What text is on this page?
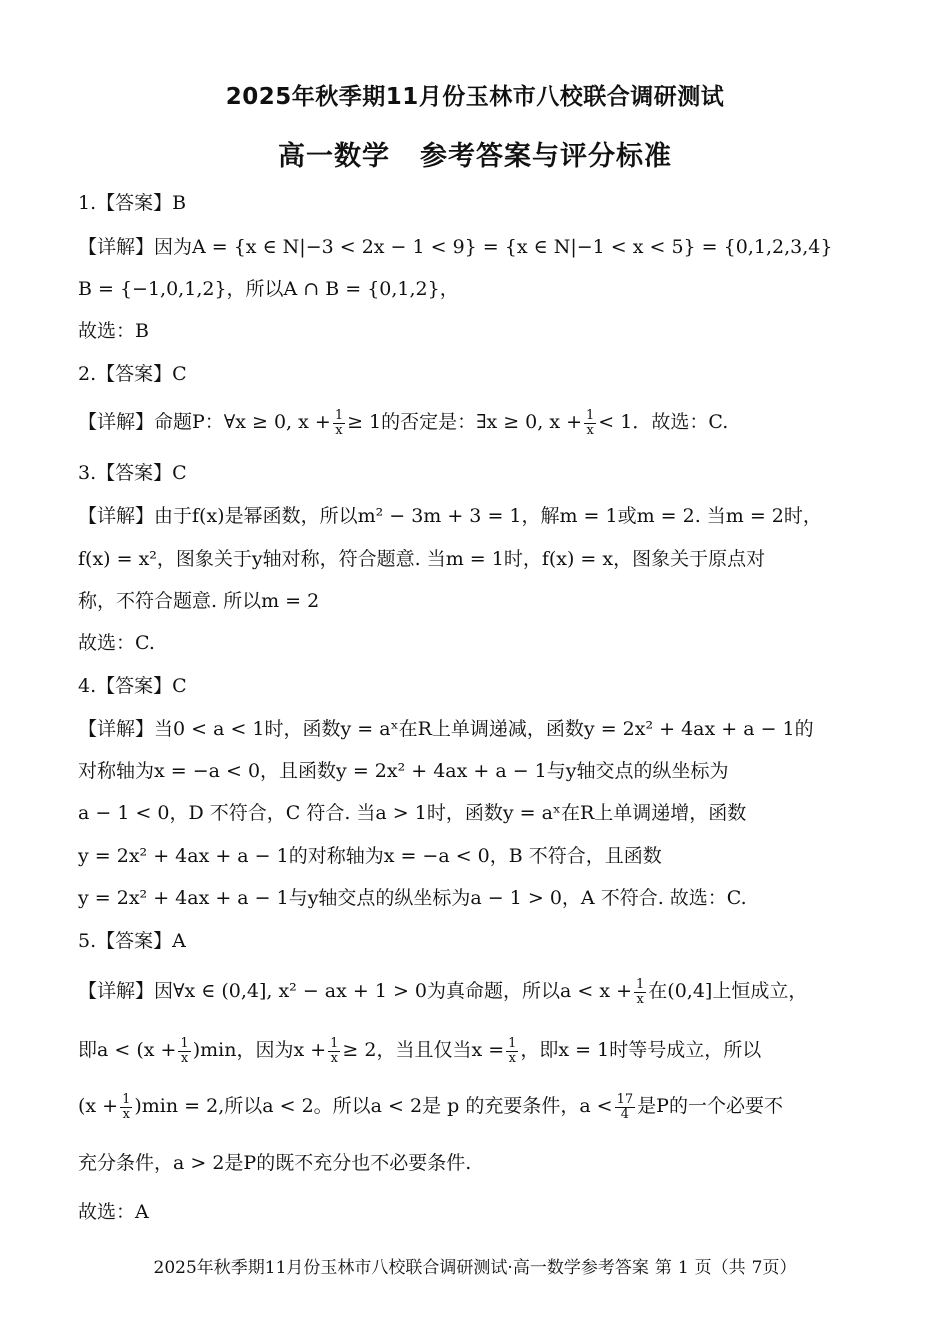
2025年秋季期11月份玉林市八校联合调研测试
高一数学 参考答案与评分标准
1.【答案】B
【详解】因为A = {x ∈ N|−3 < 2x − 1 < 9} = {x ∈ N|−1 < x < 5} = {0,1,2,3,4}
B = {−1,0,1,2}，所以A ∩ B = {0,1,2}，
故选：B
2.【答案】C
【详解】命题P：∀x ≥ 0, $x + \frac{1}{x} \ge 1$的否定是：∃x ≥ 0, $x + \frac{1}{x} < 1$．故选：C.
3.【答案】C
【详解】由于f(x)是幂函数，所以m² − 3m + 3 = 1，解m = 1或m = 2. 当m = 2时，
f(x) = x²，图象关于y轴对称，符合题意. 当m = 1时，f(x) = x，图象关于原点对
称，不符合题意. 所以m = 2
故选：C.
4.【答案】C
【详解】当0 < a < 1时，函数y = aˣ在R上单调递减，函数y = 2x² + 4ax + a − 1的
对称轴为x = −a < 0，且函数y = 2x² + 4ax + a − 1与y轴交点的纵坐标为
a − 1 < 0，D 不符合，C 符合. 当a > 1时，函数y = aˣ在R上单调递增，函数
y = 2x² + 4ax + a − 1的对称轴为x = −a < 0，B 不符合，且函数
y = 2x² + 4ax + a − 1与y轴交点的纵坐标为a − 1 > 0，A 不符合. 故选：C.
5.【答案】A
【详解】因∀x ∈ (0,4], x² − ax + 1 > 0为真命题，所以$a < x + \frac{1}{x}$ 在(0,4]上恒成立，
即$a < (x + \frac{1}{x} )\min$，因为$x + \frac{1}{x} \ge 2$，当且仅当$x = \frac{1}{x}$ ，即x = 1时等号成立，所以
$(x + \frac{1}{x} )\min = 2$,所以a < 2。所以a < 2是 p 的充要条件，$a < \frac{17}{4}$ 是P的一个必要不
充分条件，a > 2是P的既不充分也不必要条件.
故选：A
2025年秋季期11月份玉林市八校联合调研测试·高一数学参考答案 第 1 页（共 7页）
